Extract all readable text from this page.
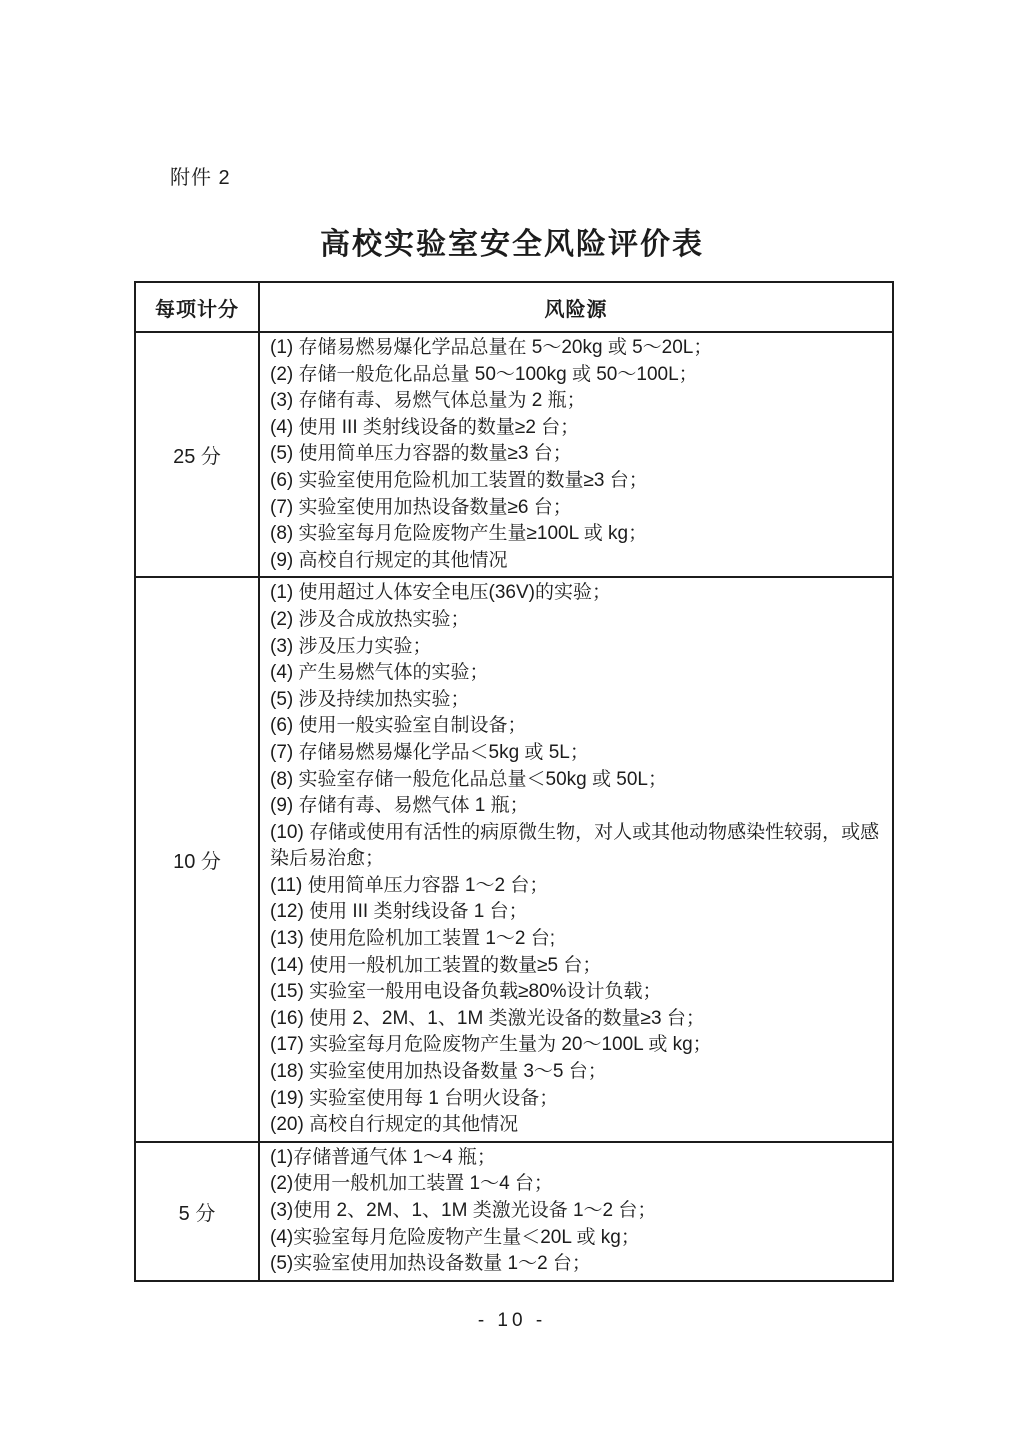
附件 2
高校实验室安全风险评价表
每项计分	风险源
25 分
(1) 存储易燃易爆化学品总量在 5～20kg 或 5～20L；
(2) 存储一般危化品总量 50～100kg 或 50～100L；
(3) 存储有毒、易燃气体总量为 2 瓶；
(4) 使用 III 类射线设备的数量≥2 台；
(5) 使用简单压力容器的数量≥3 台；
(6) 实验室使用危险机加工装置的数量≥3 台；
(7) 实验室使用加热设备数量≥6 台；
(8) 实验室每月危险废物产生量≥100L 或 kg；
(9) 高校自行规定的其他情况
10 分
(1) 使用超过人体安全电压(36V)的实验；
(2) 涉及合成放热实验；
(3) 涉及压力实验；
(4) 产生易燃气体的实验；
(5) 涉及持续加热实验；
(6) 使用一般实验室自制设备；
(7) 存储易燃易爆化学品＜5kg 或 5L；
(8) 实验室存储一般危化品总量＜50kg 或 50L；
(9) 存储有毒、易燃气体 1 瓶；
(10) 存储或使用有活性的病原微生物，对人或其他动物感染性较弱，或感染后易治愈；
(11) 使用简单压力容器 1～2 台；
(12) 使用 III 类射线设备 1 台；
(13) 使用危险机加工装置 1～2 台;
(14) 使用一般机加工装置的数量≥5 台；
(15) 实验室一般用电设备负载≥80%设计负载；
(16) 使用 2、2M、1、1M 类激光设备的数量≥3 台；
(17) 实验室每月危险废物产生量为 20～100L 或 kg；
(18) 实验室使用加热设备数量 3～5 台；
(19) 实验室使用每 1 台明火设备；
(20) 高校自行规定的其他情况
5 分
(1)存储普通气体 1～4 瓶；
(2)使用一般机加工装置 1～4 台；
(3)使用 2、2M、1、1M 类激光设备 1～2 台；
(4)实验室每月危险废物产生量＜20L 或 kg；
(5)实验室使用加热设备数量 1～2 台；
- 10 -
